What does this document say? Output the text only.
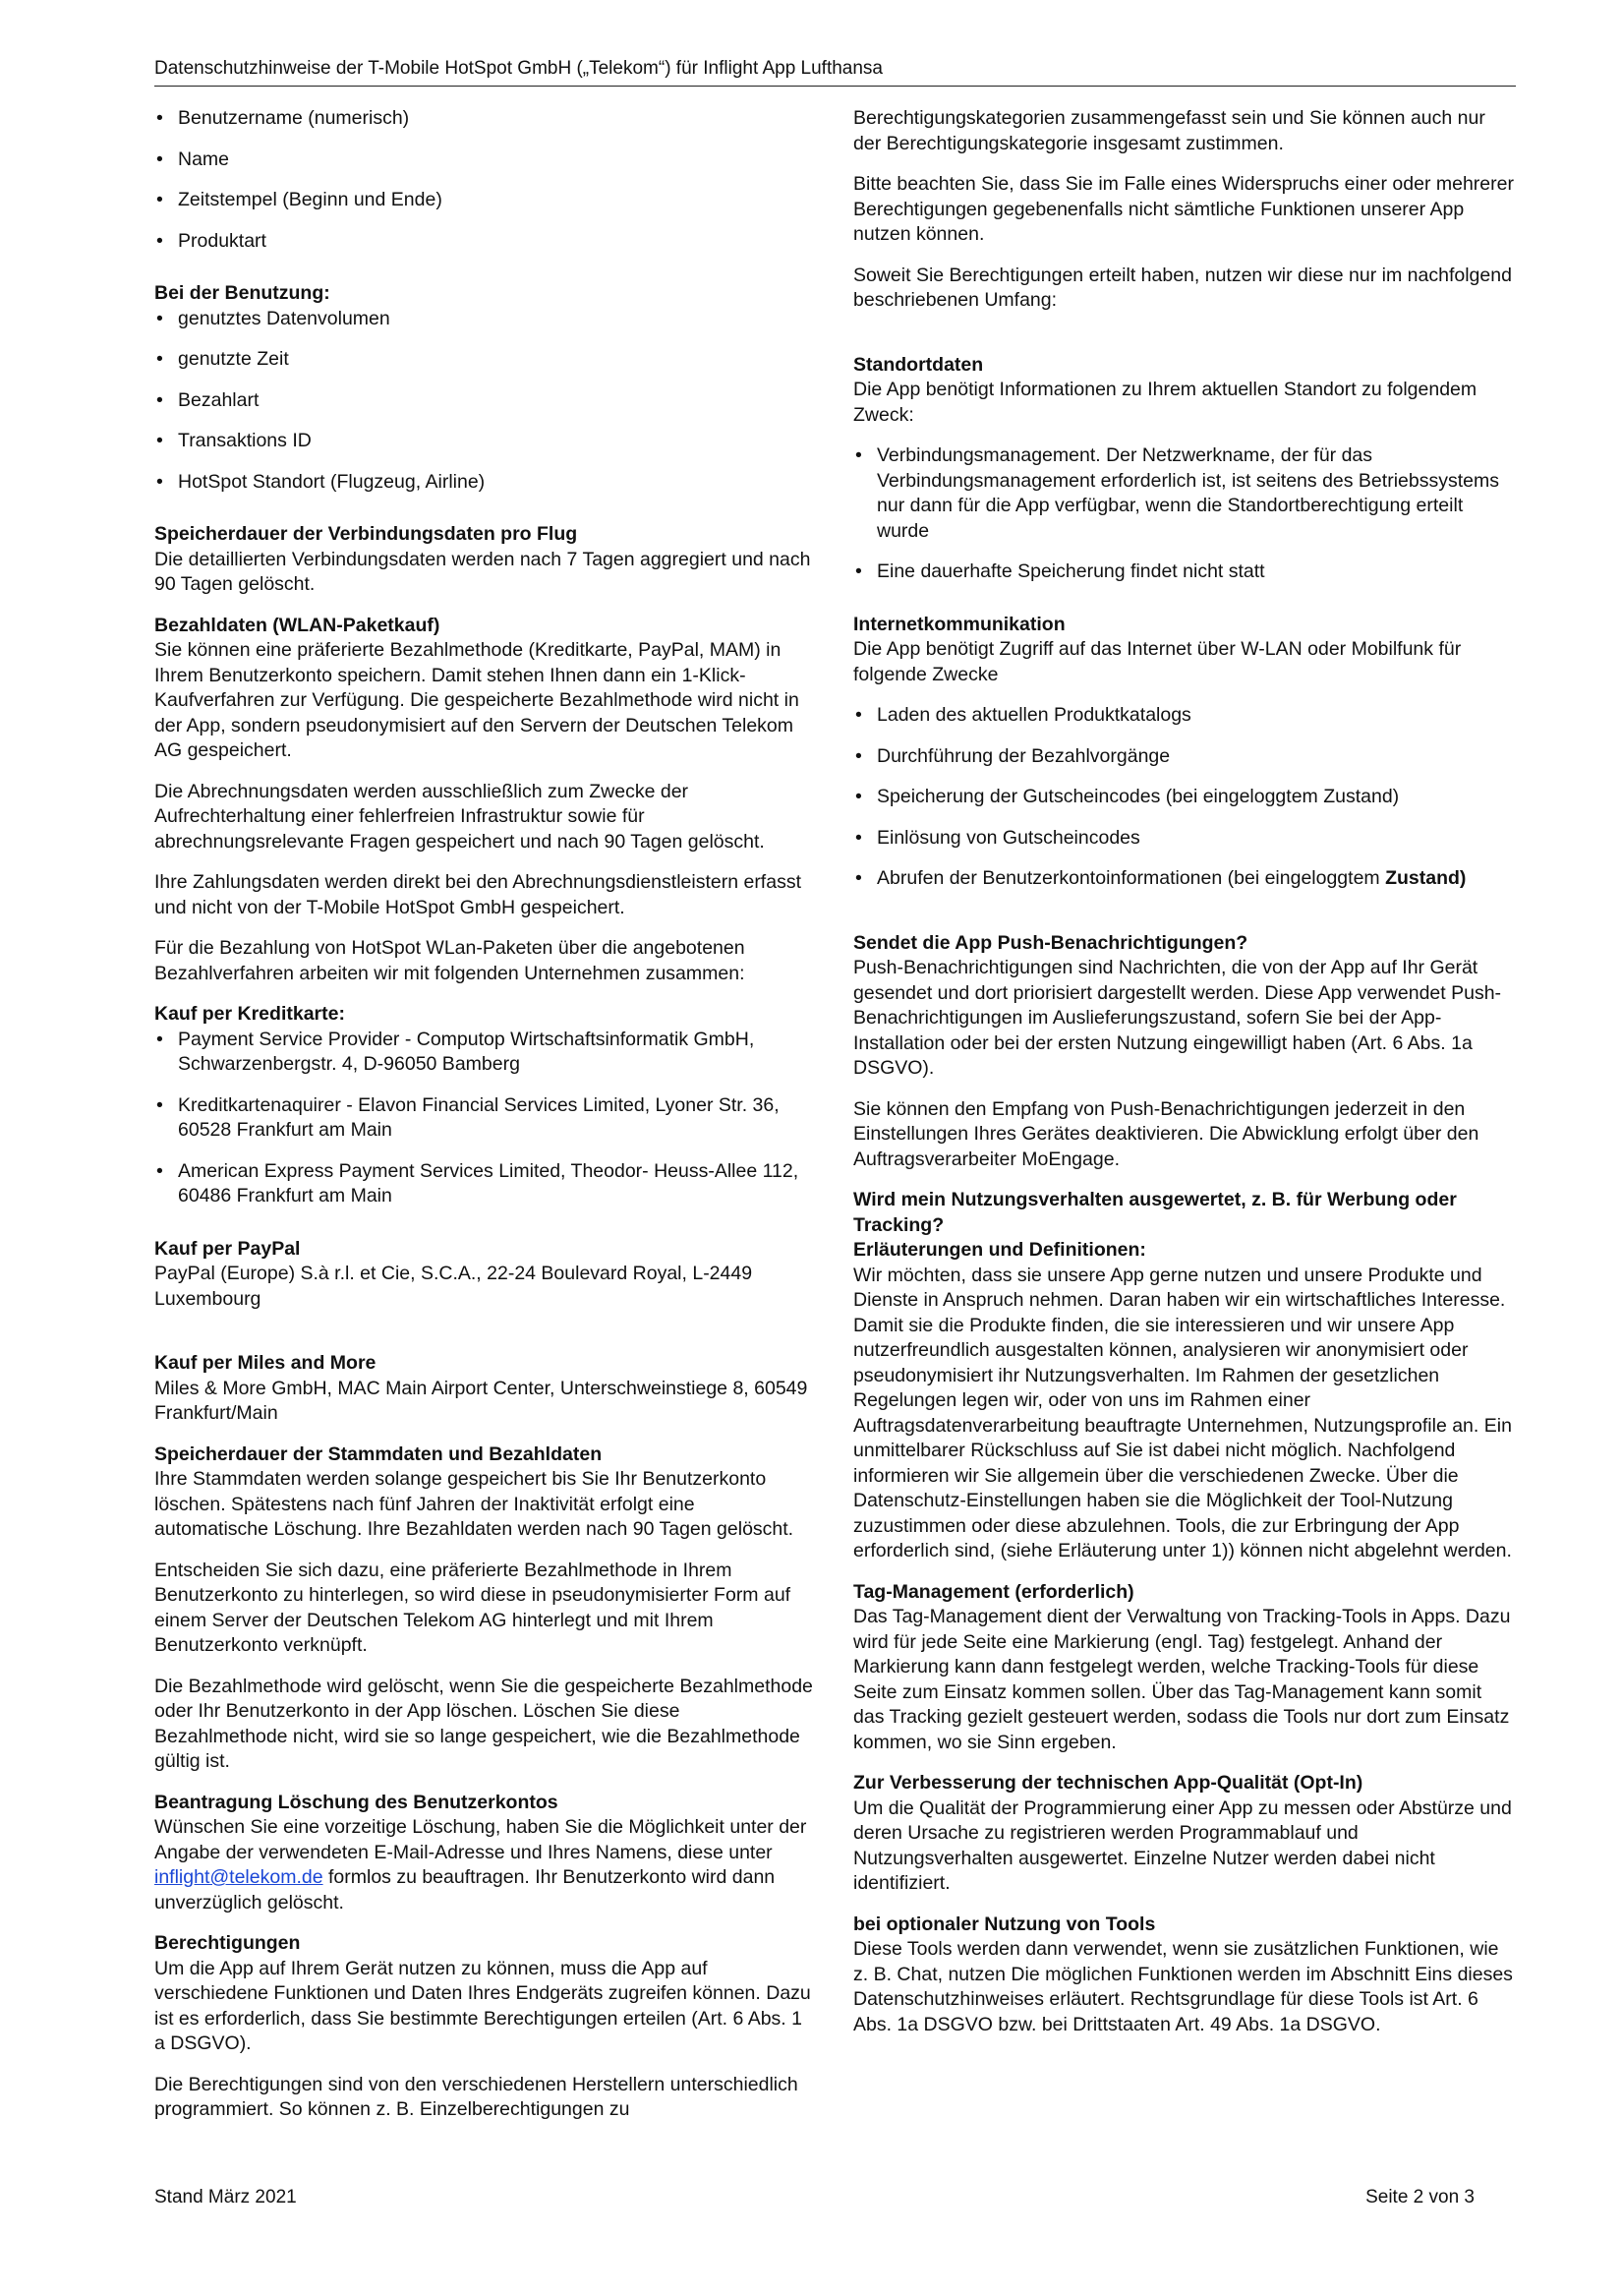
Datenschutzhinweise der T-Mobile HotSpot GmbH („Telekom“) für Inflight App Lufthansa
• Benutzername (numerisch)
• Name
• Zeitstempel (Beginn und Ende)
• Produktart
Bei der Benutzung:
• genutztes Datenvolumen
• genutzte Zeit
• Bezahlart
• Transaktions ID
• HotSpot Standort (Flugzeug, Airline)
Speicherdauer der Verbindungsdaten pro Flug
Die detaillierten Verbindungsdaten werden nach 7 Tagen aggregiert und nach 90 Tagen gelöscht.
Bezahldaten (WLAN-Paketkauf)

Sie können eine präferierte Bezahlmethode (Kreditkarte, PayPal, MAM) in Ihrem Benutzerkonto speichern. Damit stehen Ihnen dann ein 1-Klick-Kaufverfahren zur Verfügung. Die gespeicherte Bezahlmethode wird nicht in der App, sondern pseudonymisiert auf den Servern der Deutschen Telekom AG gespeichert.

Die Abrechnungsdaten werden ausschließlich zum Zwecke der Aufrechterhaltung einer fehlerfreien Infrastruktur sowie für abrechnungsrelevante Fragen gespeichert und nach 90 Tagen gelöscht.

Ihre Zahlungsdaten werden direkt bei den Abrechnungsdienstleistern erfasst und nicht von der T-Mobile HotSpot GmbH gespeichert.

Für die Bezahlung von HotSpot WLan-Paketen über die angebotenen Bezahlverfahren arbeiten wir mit folgenden Unternehmen zusammen:

Kauf per Kreditkarte:
• Payment Service Provider - Computop Wirtschaftsinformatik GmbH, Schwarzenbergstr. 4, D-96050 Bamberg
• Kreditkartenaquirer - Elavon Financial Services Limited, Lyoner Str. 36, 60528 Frankfurt am Main
• American Express Payment Services Limited, Theodor- Heuss-Allee 112, 60486 Frankfurt am Main
Kauf per PayPal
PayPal (Europe) S.à r.l. et Cie, S.C.A., 22-24 Boulevard Royal, L-2449 Luxembourg
Kauf per Miles and More
Miles & More GmbH, MAC Main Airport Center, Unterschweinstiege 8, 60549 Frankfurt/Main
Speicherdauer der Stammdaten und Bezahldaten

Ihre Stammdaten werden solange gespeichert bis Sie Ihr Benutzerkonto löschen. Spätestens nach fünf Jahren der Inaktivität erfolgt eine automatische Löschung. Ihre Bezahldaten werden nach 90 Tagen gelöscht.

Entscheiden Sie sich dazu, eine präferierte Bezahlmethode in Ihrem Benutzerkonto zu hinterlegen, so wird diese in pseudonymisierter Form auf einem Server der Deutschen Telekom AG hinterlegt und mit Ihrem Benutzerkonto verknüpft.

Die Bezahlmethode wird gelöscht, wenn Sie die gespeicherte Bezahlmethode oder Ihr Benutzerkonto in der App löschen. Löschen Sie diese Bezahlmethode nicht, wird sie so lange gespeichert, wie die Bezahlmethode gültig ist.

Beantragung Löschung des Benutzerkontos
Wünschen Sie eine vorzeitige Löschung, haben Sie die Möglichkeit unter der Angabe der verwendeten E-Mail-Adresse und Ihres Namens, diese unter inflight@telekom.de formlos zu beauftragen. Ihr Benutzerkonto wird dann unverzüglich gelöscht.
Berechtigungen

Um die App auf Ihrem Gerät nutzen zu können, muss die App auf verschiedene Funktionen und Daten Ihres Endgeräts zugreifen können. Dazu ist es erforderlich, dass Sie bestimmte Berechtigungen erteilen (Art. 6 Abs. 1 a DSGVO).

Die Berechtigungen sind von den verschiedenen Herstellern unterschiedlich programmiert. So können z. B. Einzelberechtigungen zu

Berechtigungskategorien zusammengefasst sein und Sie können auch nur der Berechtigungskategorie insgesamt zustimmen.

Bitte beachten Sie, dass Sie im Falle eines Widerspruchs einer oder mehrerer Berechtigungen gegebenenfalls nicht sämtliche Funktionen unserer App nutzen können.

Soweit Sie Berechtigungen erteilt haben, nutzen wir diese nur im nachfolgend beschriebenen Umfang:

Standortdaten

Die App benötigt Informationen zu Ihrem aktuellen Standort zu folgendem Zweck:

• Verbindungsmanagement. Der Netzwerkname, der für das Verbindungsmanagement erforderlich ist, ist seitens des Betriebssystems nur dann für die App verfügbar, wenn die Standortberechtigung erteilt wurde
• Eine dauerhafte Speicherung findet nicht statt
Internetkommunikation

Die App benötigt Zugriff auf das Internet über W-LAN oder Mobilfunk für folgende Zwecke

• Laden des aktuellen Produktkatalogs
• Durchführung der Bezahlvorgänge
• Speicherung der Gutscheincodes (bei eingeloggtem Zustand)
• Einlösung von Gutscheincodes
• Abrufen der Benutzerkontoinformationen (bei eingeloggtem Zustand)
Sendet die App Push-Benachrichtigungen?

Push-Benachrichtigungen sind Nachrichten, die von der App auf Ihr Gerät gesendet und dort priorisiert dargestellt werden. Diese App verwendet Push-Benachrichtigungen im Auslieferungszustand, sofern Sie bei der App-Installation oder bei der ersten Nutzung eingewilligt haben (Art. 6 Abs. 1a DSGVO).

Sie können den Empfang von Push-Benachrichtigungen jederzeit in den Einstellungen Ihres Gerätes deaktivieren. Die Abwicklung erfolgt über den Auftragsverarbeiter MoEngage.

Wird mein Nutzungsverhalten ausgewertet, z. B. für Werbung oder Tracking?
Erläuterungen und Definitionen:
Wir möchten, dass sie unsere App gerne nutzen und unsere Produkte und Dienste in Anspruch nehmen. Daran haben wir ein wirtschaftliches Interesse. Damit sie die Produkte finden, die sie interessieren und wir unsere App nutzerfreundlich ausgestalten können, analysieren wir anonymisiert oder pseudonymisiert ihr Nutzungsverhalten. Im Rahmen der gesetzlichen Regelungen legen wir, oder von uns im Rahmen einer Auftragsdatenverarbeitung beauftragte Unternehmen, Nutzungsprofile an. Ein unmittelbarer Rückschluss auf Sie ist dabei nicht möglich. Nachfolgend informieren wir Sie allgemein über die verschiedenen Zwecke. Über die Datenschutz-Einstellungen haben sie die Möglichkeit der Tool-Nutzung zuzustimmen oder diese abzulehnen. Tools, die zur Erbringung der App erforderlich sind, (siehe Erläuterung unter 1)) können nicht abgelehnt werden.
Tag-Management (erforderlich)
Das Tag-Management dient der Verwaltung von Tracking-Tools in Apps. Dazu wird für jede Seite eine Markierung (engl. Tag) festgelegt. Anhand der Markierung kann dann festgelegt werden, welche Tracking-Tools für diese Seite zum Einsatz kommen sollen. Über das Tag-Management kann somit das Tracking gezielt gesteuert werden, sodass die Tools nur dort zum Einsatz kommen, wo sie Sinn ergeben.
Zur Verbesserung der technischen App-Qualität (Opt-In)
Um die Qualität der Programmierung einer App zu messen oder Abstürze und deren Ursache zu registrieren werden Programmablauf und Nutzungsverhalten ausgewertet. Einzelne Nutzer werden dabei nicht identifiziert.
bei optionaler Nutzung von Tools
Diese Tools werden dann verwendet, wenn sie zusätzlichen Funktionen, wie z. B. Chat, nutzen Die möglichen Funktionen werden im Abschnitt Eins dieses Datenschutzhinweises erläutert. Rechtsgrundlage für diese Tools ist Art. 6 Abs. 1a DSGVO bzw. bei Drittstaaten Art. 49 Abs. 1a DSGVO.
Stand März 2021	Seite 2 von 3
